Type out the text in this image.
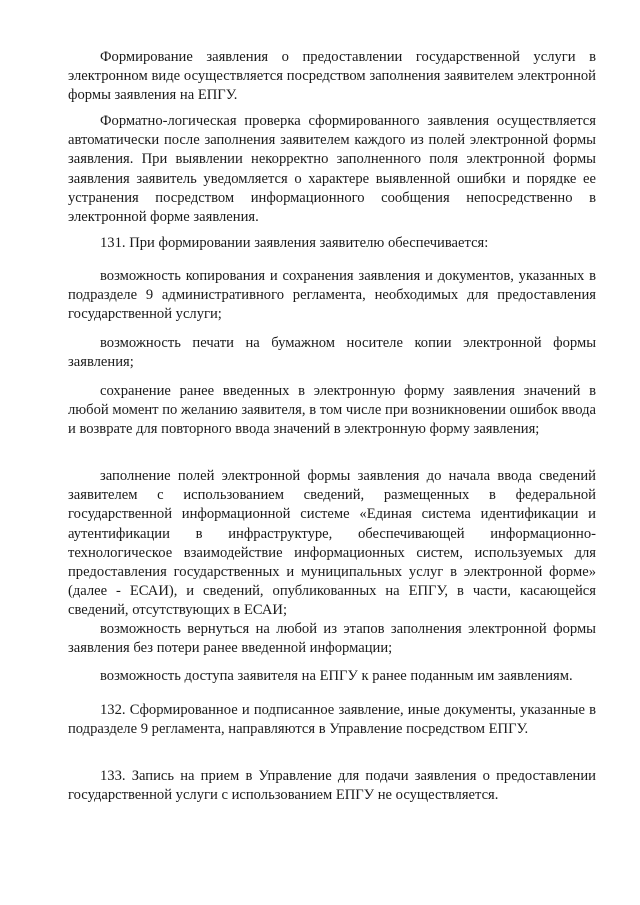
Формирование заявления о предоставлении государственной услуги в электронном виде осуществляется посредством заполнения заявителем электронной формы заявления на ЕПГУ.

Форматно-логическая проверка сформированного заявления осуществляется автоматически после заполнения заявителем каждого из полей электронной формы заявления. При выявлении некорректно заполненного поля электронной формы заявления заявитель уведомляется о характере выявленной ошибки и порядке ее устранения посредством информационного сообщения непосредственно в электронной форме заявления.

131. При формировании заявления заявителю обеспечивается:

возможность копирования и сохранения заявления и документов, указанных в подразделе 9 административного регламента, необходимых для предоставления государственной услуги;

возможность печати на бумажном носителе копии электронной формы заявления;

сохранение ранее введенных в электронную форму заявления значений в любой момент по желанию заявителя, в том числе при возникновении ошибок ввода и возврате для повторного ввода значений в электронную форму заявления;

заполнение полей электронной формы заявления до начала ввода сведений заявителем с использованием сведений, размещенных в федеральной государственной информационной системе «Единая система идентификации и аутентификации в инфраструктуре, обеспечивающей информационно-технологическое взаимодействие информационных систем, используемых для предоставления государственных и муниципальных услуг в электронной форме» (далее - ЕСАИ), и сведений, опубликованных на ЕПГУ, в части, касающейся сведений, отсутствующих в ЕСАИ;

возможность вернуться на любой из этапов заполнения электронной формы заявления без потери ранее введенной информации;

возможность доступа заявителя на ЕПГУ к ранее поданным им заявлениям.

132. Сформированное и подписанное заявление, иные документы, указанные в подразделе 9 регламента, направляются в Управление посредством ЕПГУ.

133. Запись на прием в Управление для подачи заявления о предоставлении государственной услуги с использованием ЕПГУ не осуществляется.
